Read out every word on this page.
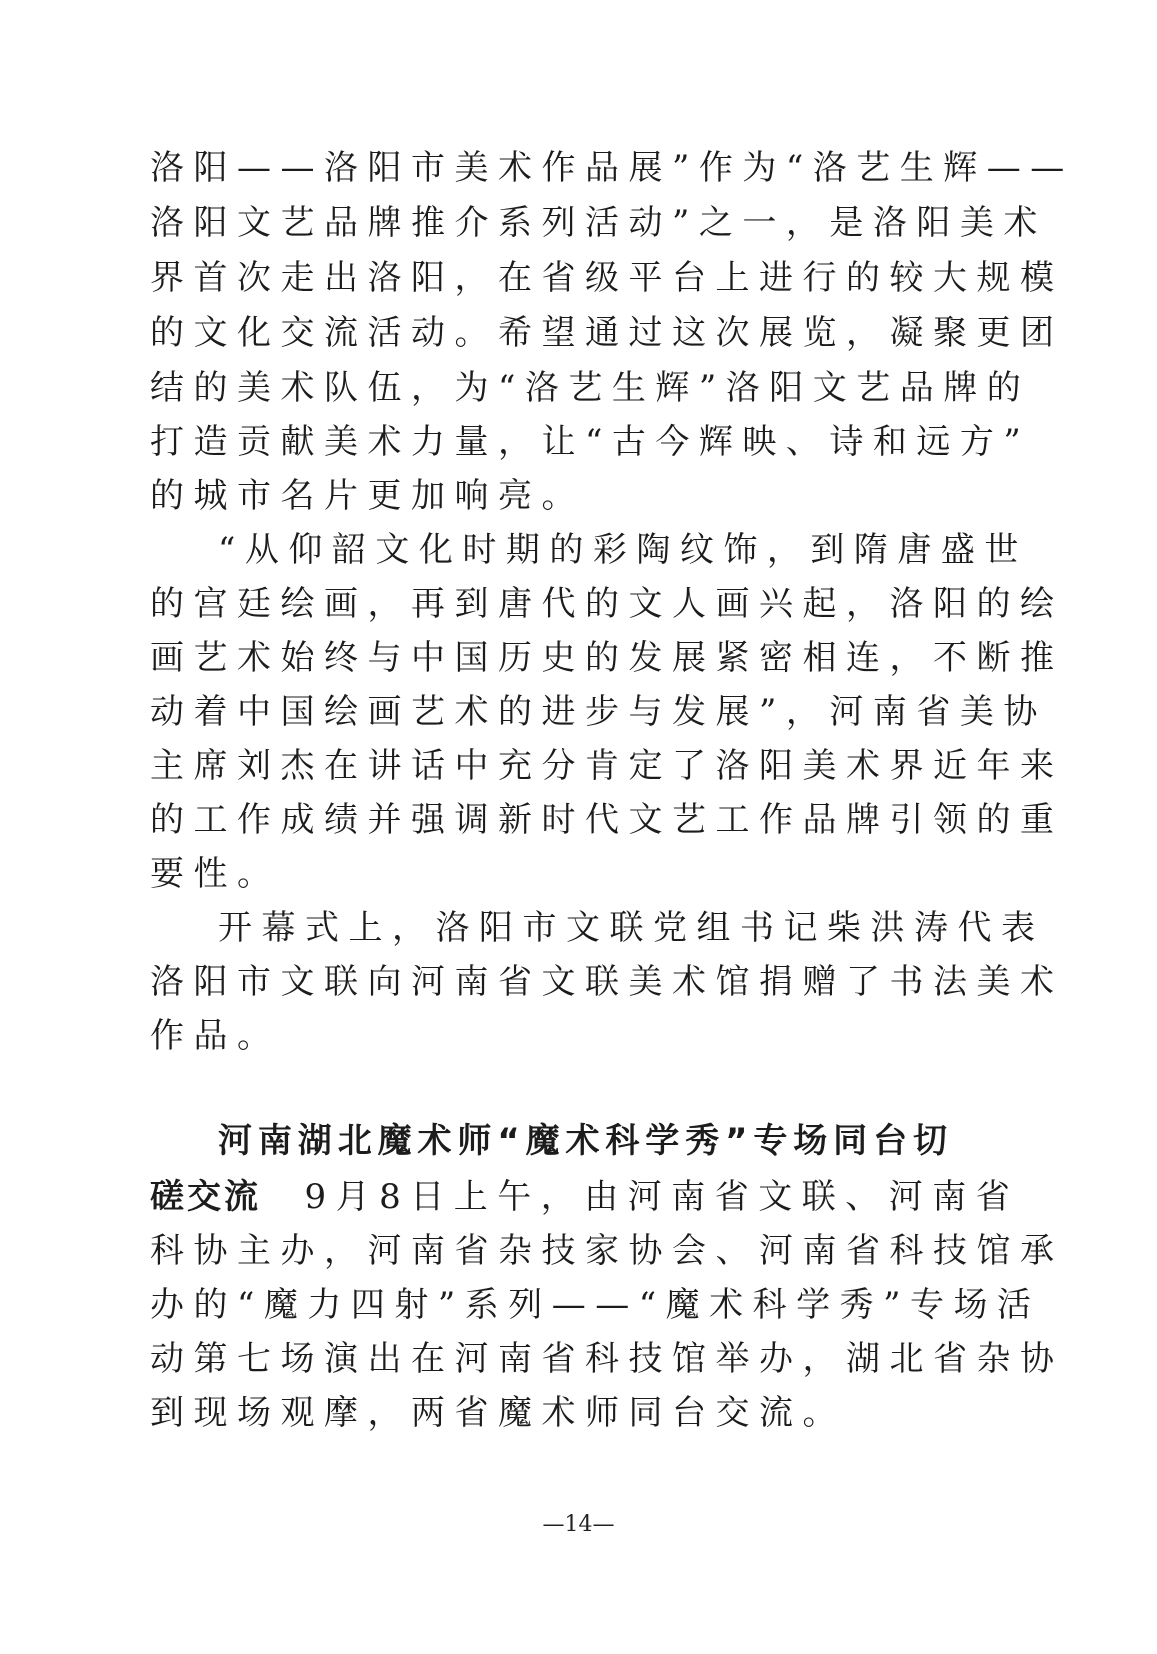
洛阳——洛阳市美术作品展”作为“洛艺生辉——
洛阳文艺品牌推介系列活动”之一，是洛阳美术
界首次走出洛阳，在省级平台上进行的较大规模
的文化交流活动。希望通过这次展览，凝聚更团
结的美术队伍，为“洛艺生辉”洛阳文艺品牌的
打造贡献美术力量，让“古今辉映、诗和远方”
的城市名片更加响亮。
“从仰韶文化时期的彩陶纹饰，到隋唐盛世
的宫廷绘画，再到唐代的文人画兴起，洛阳的绘
画艺术始终与中国历史的发展紧密相连，不断推
动着中国绘画艺术的进步与发展”，河南省美协
主席刘杰在讲话中充分肯定了洛阳美术界近年来
的工作成绩并强调新时代文艺工作品牌引领的重
要性。
开幕式上，洛阳市文联党组书记柴洪涛代表
洛阳市文联向河南省文联美术馆捐赠了书法美术
作品。
河南湖北魔术师“魔术科学秀”专场同台切
磋交流　9月8日上午，由河南省文联、河南省
科协主办，河南省杂技家协会、河南省科技馆承
办的“魔力四射”系列——“魔术科学秀”专场活
动第七场演出在河南省科技馆举办，湖北省杂协
到现场观摩，两省魔术师同台交流。
—14—
